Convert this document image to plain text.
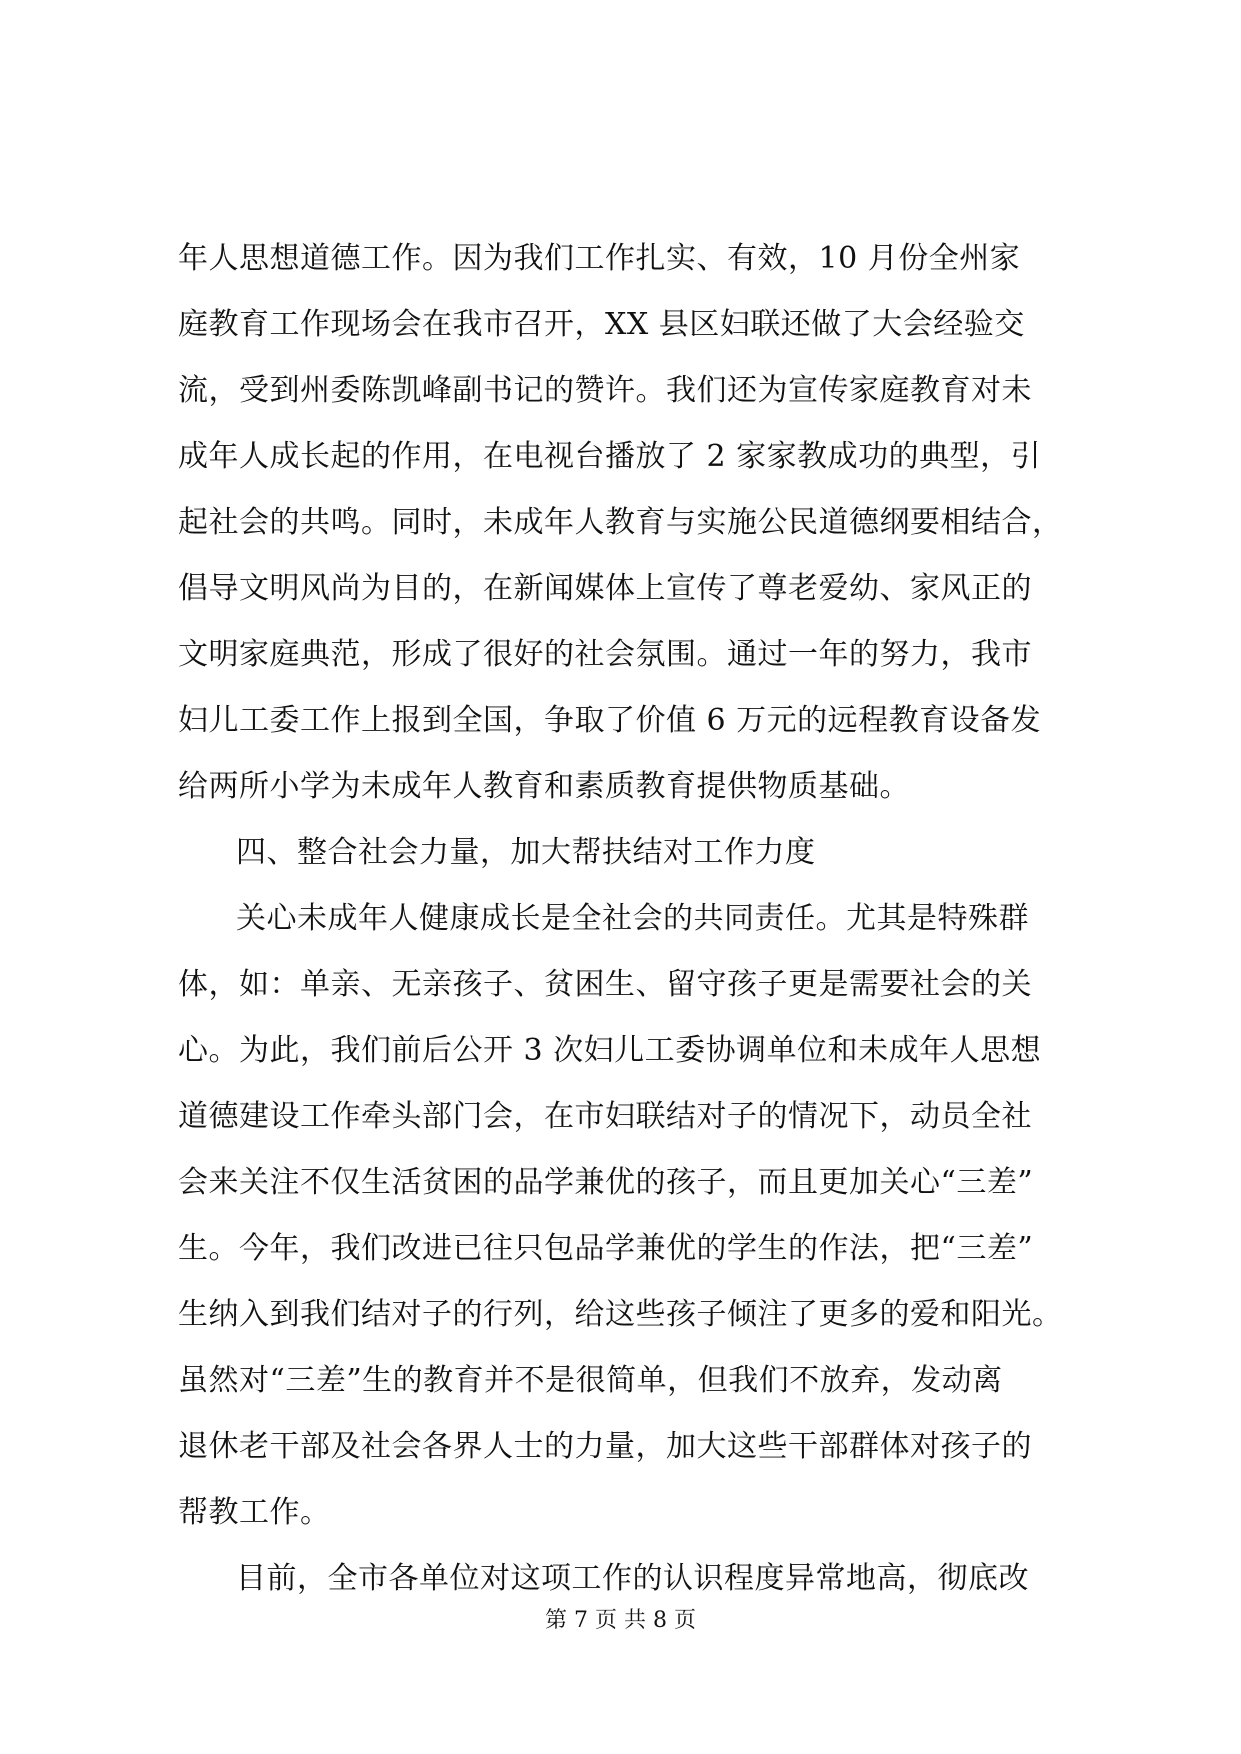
年人思想道德工作。因为我们工作扎实、有效，10 月份全州家
庭教育工作现场会在我市召开，XX 县区妇联还做了大会经验交
流，受到州委陈凯峰副书记的赞许。我们还为宣传家庭教育对未
成年人成长起的作用，在电视台播放了 2 家家教成功的典型，引
起社会的共鸣。同时，未成年人教育与实施公民道德纲要相结合，
倡导文明风尚为目的，在新闻媒体上宣传了尊老爱幼、家风正的
文明家庭典范，形成了很好的社会氛围。通过一年的努力，我市
妇儿工委工作上报到全国，争取了价值 6 万元的远程教育设备发
给两所小学为未成年人教育和素质教育提供物质基础。
四、整合社会力量，加大帮扶结对工作力度
关心未成年人健康成长是全社会的共同责任。尤其是特殊群
体，如：单亲、无亲孩子、贫困生、留守孩子更是需要社会的关
心。为此，我们前后公开 3 次妇儿工委协调单位和未成年人思想
道德建设工作牵头部门会，在市妇联结对子的情况下，动员全社
会来关注不仅生活贫困的品学兼优的孩子，而且更加关心“三差”
生。今年，我们改进已往只包品学兼优的学生的作法，把“三差”
生纳入到我们结对子的行列，给这些孩子倾注了更多的爱和阳光。
虽然对“三差”生的教育并不是很简单，但我们不放弃，发动离
退休老干部及社会各界人士的力量，加大这些干部群体对孩子的
帮教工作。
目前，全市各单位对这项工作的认识程度异常地高，彻底改
第 7 页 共 8 页
